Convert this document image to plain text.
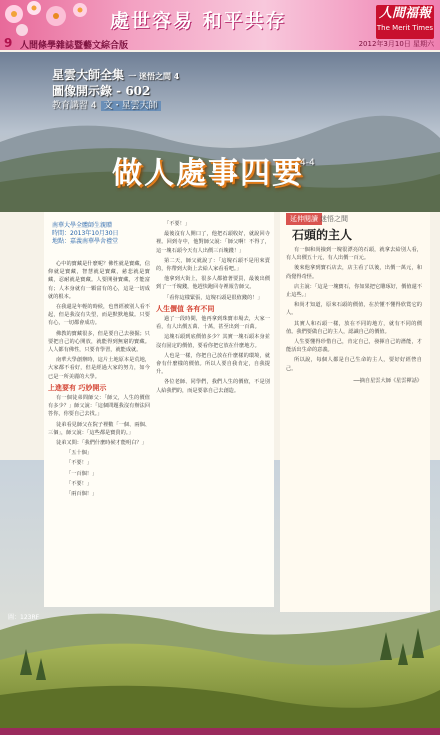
處世容易 和平共存	人間福報
The Merit Times
9 人間條學雜誌暨藝文綜合版	2012年3月10日 星期六
星雲大師全集 一 迷悟之間 4
圖像開示錄 - 602
教育講習 4 文・星雲大師
做人處事四要
4-4

南華大學全體師生親贈

時間：2013年10月30日

地點：嘉義南華學舍禮堂

心中的寶藏是什麼呢？佛性就是寶藏，信仰就是寶藏，智慧就是寶藏，慈悲就是寶藏，忍耐就是寶藏。人要開發寶藏，才能富有；人本身就有一顆富有的心，這是一切成就的根本。

在我還是年輕的時候，也曾經被別人看不起，但是我沒有失望，而是默默地做。只要有心，一切都會成功。

佛教的寶藏很多，但是要自己去發掘；只要把自己的心開放，就能得到無窮的寶藏。人人都有佛性，只要肯學習，就能成就。

南華大學創辦時，這片土地原本是荒地，大家都不看好，但是經過大家的努力，如今已是一所美麗的大學。

上進要有 巧妙開示

有一個徒弟問師父：「師父，人生的價值有多少？」師父說：「這個問題我沒有辦法回答你，你要自己去找。」

徒弟看見師父在院子裡數「一個、兩個、三個」，師父說：「這些都是寶貴的。」

徒弟又問：「我們什麼時候才能明白？」

「五十個」

「不要！」

「一百個！」

「不要！」

「兩百個！」

「不要！」

最後沒有人開口了，他把石頭收好，就說回寺裡。回到寺中，他對師父說：「師父啊！不得了，這一塊石頭今天有人出價三百塊錢！」

第二天，師父就說了：「這塊石頭不是用來賣的，你帶到大街上去給人家看看吧。」

他拿到大街上，很多人都搶著要買，最後出價到了一千塊錢，他趕快跑回寺裡報告師父。

「看你這樣緊張，這塊石頭是很值錢的！」

人生價值 各有不同

過了一段時間，他再拿到珠寶市場去，大家一看，有人出價五萬、十萬，甚至出到一百萬。

這塊石頭到底價值多少？其實一塊石頭本身並沒有固定的價值，要看你把它放在什麼地方。

人也是一樣，你把自己放在什麼樣的環境，就會有什麼樣的價值。所以人要自我肯定，自我提升。

各位老師、同學們，我們人生的價值，不是別人給我們的，而是要靠自己去創造。

延伸閱讀 迷悟之間
石頭的主人

有一個和尚撿到一塊很漂亮的石頭，就拿去給別人看，有人出價五十元，有人出價一百元。

後來他拿到寶石店去，店主看了以後，出價一萬元，和尚覺得奇怪。

店主說：「這是一塊寶石，你如果把它雕琢好，價值還不止這些。」

和尚才知道，原來石頭的價值，在於懂不懂得欣賞它的人。

其實人和石頭一樣，放在不同的地方，就有不同的價值。我們要做自己的主人，認識自己的價值。

人生要懂得珍惜自己，肯定自己，發揮自己的潛能，才能活出生命的意義。

所以說，每個人都是自己生命的主人，要好好經營自己。

──摘自星雲大師《星雲禪話》
圖：123RF
